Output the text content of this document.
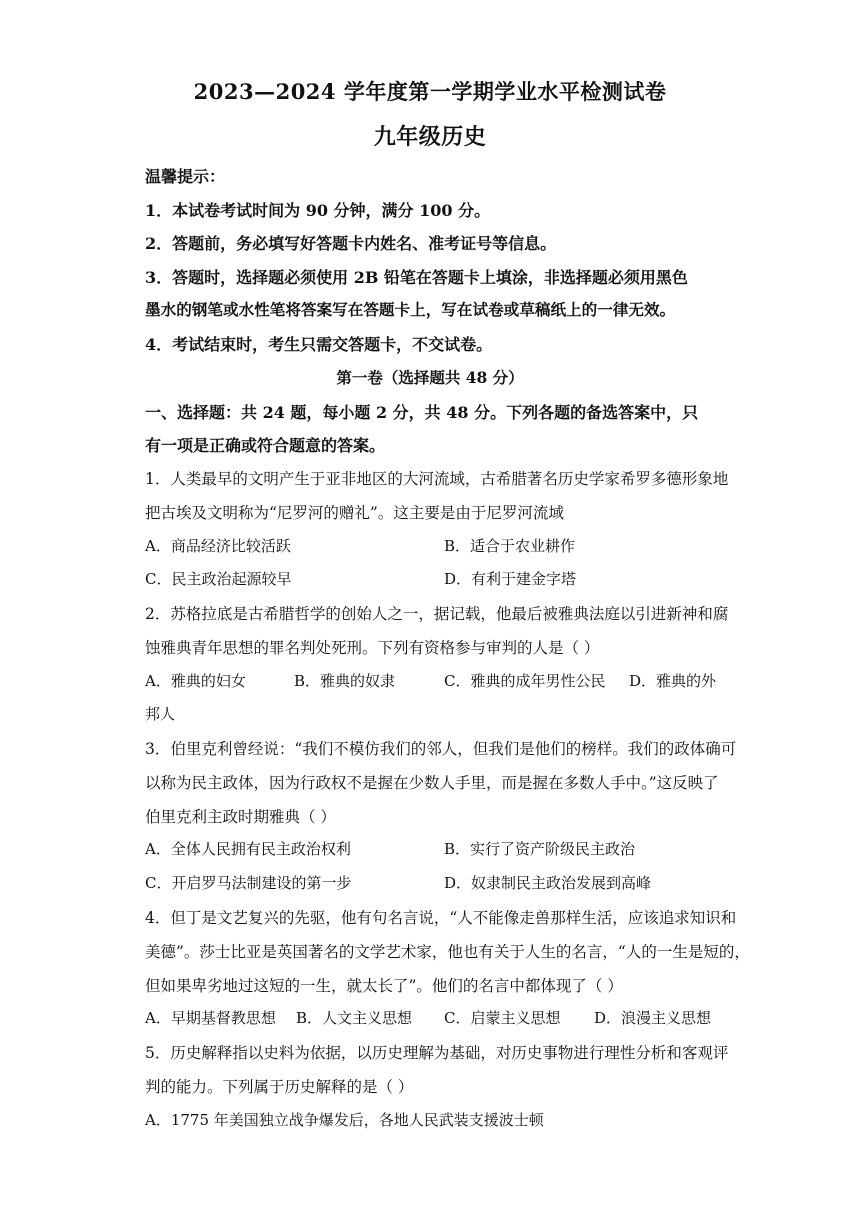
2023—2024 学年度第一学期学业水平检测试卷
九年级历史
温馨提示：
1．本试卷考试时间为 90 分钟，满分 100 分。
2．答题前，务必填写好答题卡内姓名、准考证号等信息。
3．答题时，选择题必须使用 2B 铅笔在答题卡上填涂，非选择题必须用黑色
墨水的钢笔或水性笔将答案写在答题卡上，写在试卷或草稿纸上的一律无效。
4．考试结束时，考生只需交答题卡，不交试卷。
第一卷（选择题共 48 分）
一、选择题：共 24 题，每小题 2 分，共 48 分。下列各题的备选答案中，只
有一项是正确或符合题意的答案。
1．人类最早的文明产生于亚非地区的大河流域，古希腊著名历史学家希罗多德形象地
把古埃及文明称为“尼罗河的赠礼”。这主要是由于尼罗河流域
A．商品经济比较活跃	B．适合于农业耕作
C．民主政治起源较早	D．有利于建金字塔
2．苏格拉底是古希腊哲学的创始人之一，据记载，他最后被雅典法庭以引进新神和腐
蚀雅典青年思想的罪名判处死刑。下列有资格参与审判的人是（ ）
A．雅典的妇女	B．雅典的奴隶	C．雅典的成年男性公民 D．雅典的外
邦人
3．伯里克利曾经说：“我们不模仿我们的邻人，但我们是他们的榜样。我们的政体确可
以称为民主政体，因为行政权不是握在少数人手里，而是握在多数人手中。”这反映了
伯里克利主政时期雅典（ ）
A．全体人民拥有民主政治权利	B．实行了资产阶级民主政治
C．开启罗马法制建设的第一步	D．奴隶制民主政治发展到高峰
4．但丁是文艺复兴的先驱，他有句名言说，“人不能像走兽那样生活，应该追求知识和
美德”。莎士比亚是英国著名的文学艺术家，他也有关于人生的名言，“人的一生是短的，
但如果卑劣地过这短的一生，就太长了”。他们的名言中都体现了（ ）
A．早期基督教思想 B．人文主义思想 C．启蒙主义思想 D．浪漫主义思想
5．历史解释指以史料为依据，以历史理解为基础，对历史事物进行理性分析和客观评
判的能力。下列属于历史解释的是（ ）
A．1775 年美国独立战争爆发后，各地人民武装支援波士顿
